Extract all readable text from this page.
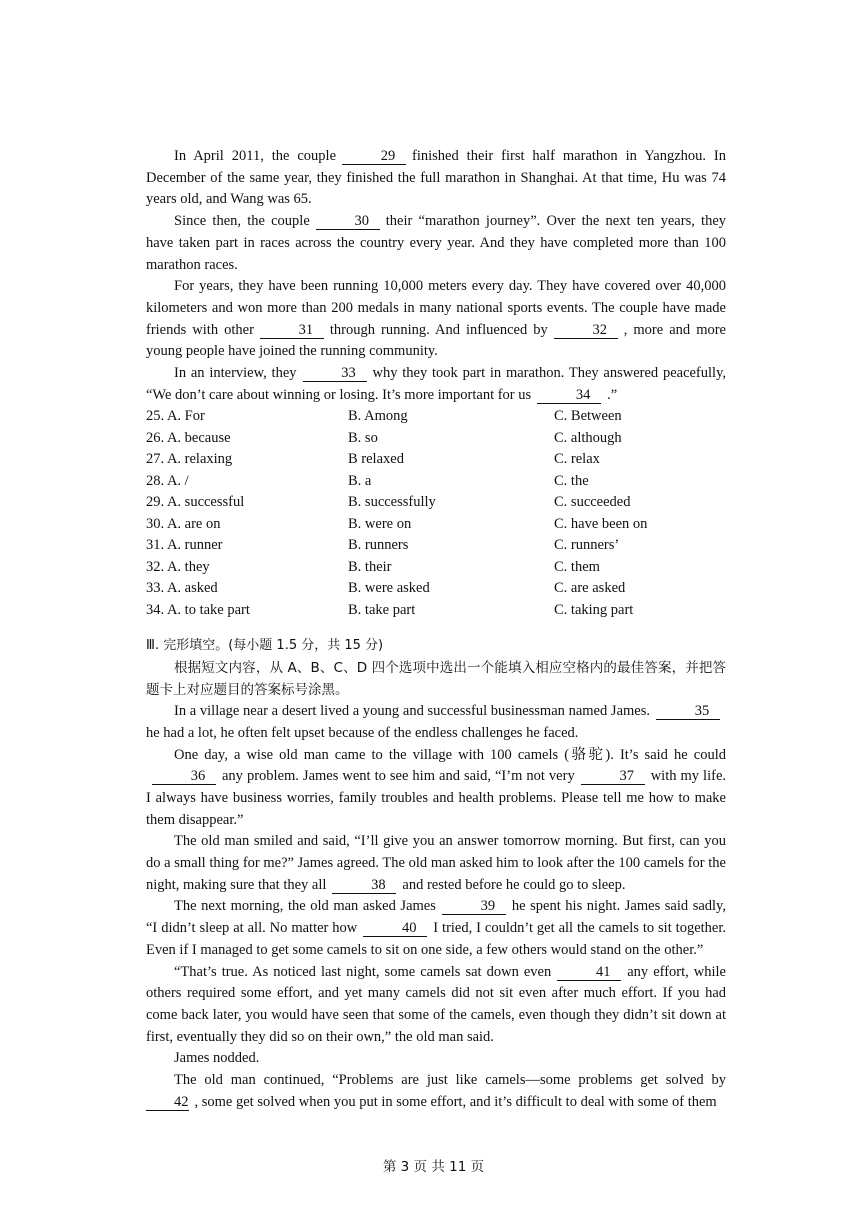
In April 2011, the couple	29 finished their first half marathon in Yangzhou. In December of the same year, they finished the full marathon in Shanghai. At that time, Hu was 74 years old, and Wang was 65.

Since then, the couple	30 their “marathon journey”. Over the next ten years, they have taken part in races across the country every year. And they have completed more than 100 marathon races.

For years, they have been running 10,000 meters every day. They have covered over 40,000 kilometers and won more than 200 medals in many national sports events. The couple have made friends with other	31 through running. And influenced by	32 , more and more young people have joined the running community.

In an interview, they	33 why they took part in marathon. They answered peacefully, “We don’t care about winning or losing. It’s more important for us	34 .”

25. A. For	B. Among	C. Between
26. A. because	B. so	C. although
27. A. relaxing	B relaxed	C. relax
28. A. /	B. a	C. the
29. A. successful	B. successfully	C. succeeded
30. A. are on	B. were on	C. have been on
31. A. runner	B. runners	C. runners’
32. A. they	B. their	C. them
33. A. asked	B. were asked	C. are asked
34. A. to take part	B. take part	C. taking part
Ⅲ. 完形填空。(每小题 1.5 分，共 15 分)

根据短文内容，从 A、B、C、D 四个选项中选出一个能填入相应空格内的最佳答案，并把答题卡上对应题目的答案标号涂黑。

In a village near a desert lived a young and successful businessman named James.	35he had a lot, he often felt upset because of the endless challenges he faced.

One day, a wise old man came to the village with 100 camels (骆驼). It’s said he could36 any problem. James went to see him and said, “I’m not very	37 with my life. I always have business worries, family troubles and health problems. Please tell me how to make them disappear.”

The old man smiled and said, “I’ll give you an answer tomorrow morning. But first, can you do a small thing for me?” James agreed. The old man asked him to look after the 100 camels for the night, making sure that they all	38 and rested before he could go to sleep.

The next morning, the old man asked James	39 he spent his night. James said sadly, “I didn’t sleep at all. No matter how	40 I tried, I couldn’t get all the camels to sit together. Even if I managed to get some camels to sit on one side, a few others would stand on the other.”

“That’s true. As noticed last night, some camels sat down even	41 any effort, while others required some effort, and yet many camels did not sit even after much effort. If you had come back later, you would have seen that some of the camels, even though they didn’t sit down at first, eventually they did so on their own,” the old man said.

James nodded.

The old man continued, “Problems are just like camels—some problems get solved by 42 , some get solved when you put in some effort, and it’s difficult to deal with some of them

第 3 页 共 11 页
